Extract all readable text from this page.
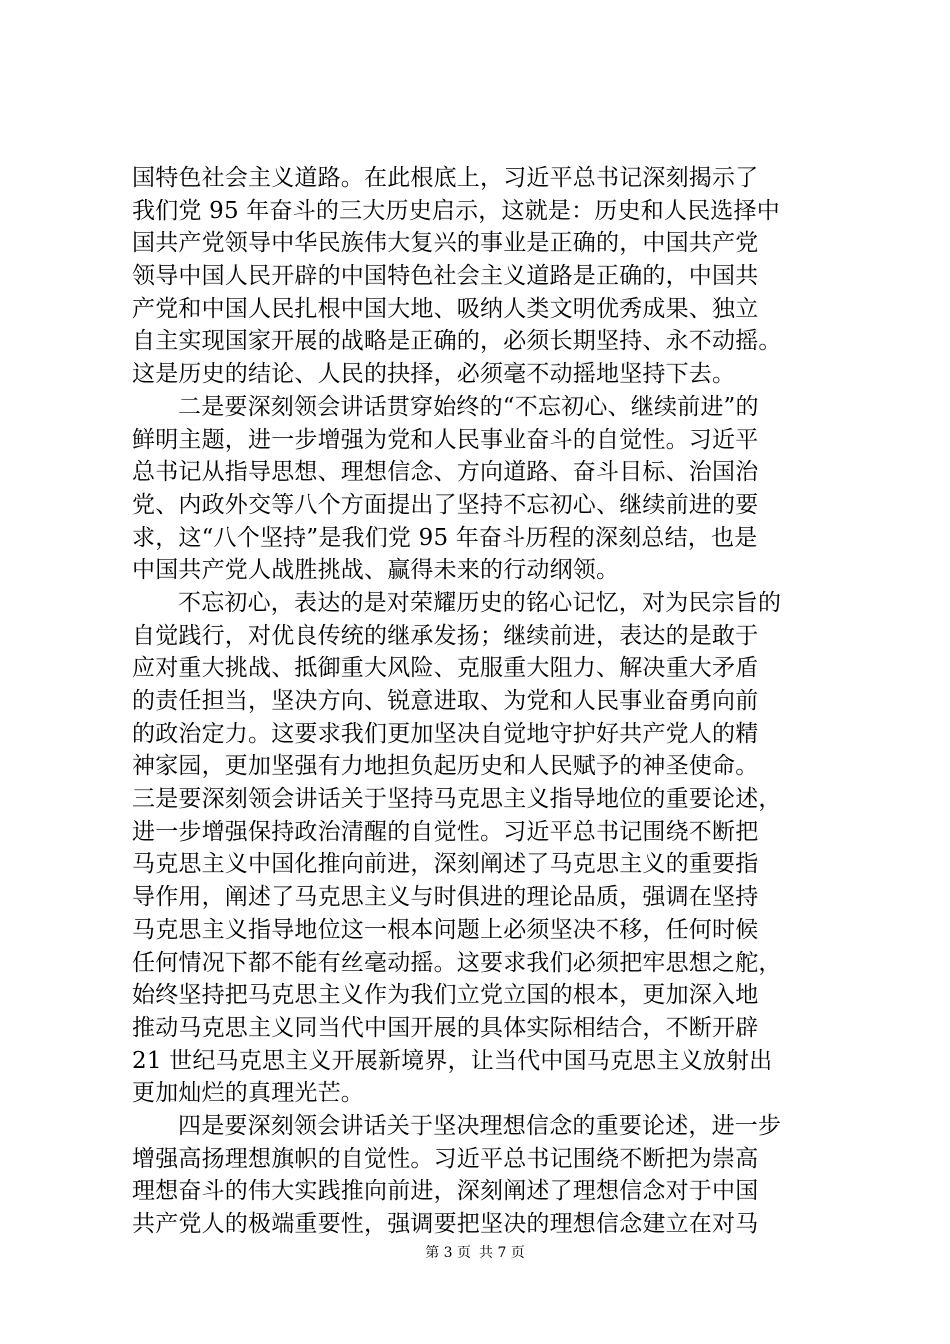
国特色社会主义道路。在此根底上，习近平总书记深刻揭示了
我们党 95 年奋斗的三大历史启示，这就是：历史和人民选择中
国共产党领导中华民族伟大复兴的事业是正确的，中国共产党
领导中国人民开辟的中国特色社会主义道路是正确的，中国共
产党和中国人民扎根中国大地、吸纳人类文明优秀成果、独立
自主实现国家开展的战略是正确的，必须长期坚持、永不动摇。
这是历史的结论、人民的抉择，必须毫不动摇地坚持下去。
二是要深刻领会讲话贯穿始终的“不忘初心、继续前进”的
鲜明主题，进一步增强为党和人民事业奋斗的自觉性。习近平
总书记从指导思想、理想信念、方向道路、奋斗目标、治国治
党、内政外交等八个方面提出了坚持不忘初心、继续前进的要
求，这“八个坚持”是我们党 95 年奋斗历程的深刻总结，也是
中国共产党人战胜挑战、赢得未来的行动纲领。
不忘初心，表达的是对荣耀历史的铭心记忆，对为民宗旨的
自觉践行，对优良传统的继承发扬；继续前进，表达的是敢于
应对重大挑战、抵御重大风险、克服重大阻力、解决重大矛盾
的责任担当，坚决方向、锐意进取、为党和人民事业奋勇向前
的政治定力。这要求我们更加坚决自觉地守护好共产党人的精
神家园，更加坚强有力地担负起历史和人民赋予的神圣使命。
三是要深刻领会讲话关于坚持马克思主义指导地位的重要论述，
进一步增强保持政治清醒的自觉性。习近平总书记围绕不断把
马克思主义中国化推向前进，深刻阐述了马克思主义的重要指
导作用，阐述了马克思主义与时俱进的理论品质，强调在坚持
马克思主义指导地位这一根本问题上必须坚决不移，任何时候
任何情况下都不能有丝毫动摇。这要求我们必须把牢思想之舵，
始终坚持把马克思主义作为我们立党立国的根本，更加深入地
推动马克思主义同当代中国开展的具体实际相结合，不断开辟
21 世纪马克思主义开展新境界，让当代中国马克思主义放射出
更加灿烂的真理光芒。
四是要深刻领会讲话关于坚决理想信念的重要论述，进一步
增强高扬理想旗帜的自觉性。习近平总书记围绕不断把为崇高
理想奋斗的伟大实践推向前进，深刻阐述了理想信念对于中国
共产党人的极端重要性，强调要把坚决的理想信念建立在对马
第 3 页 共 7 页
